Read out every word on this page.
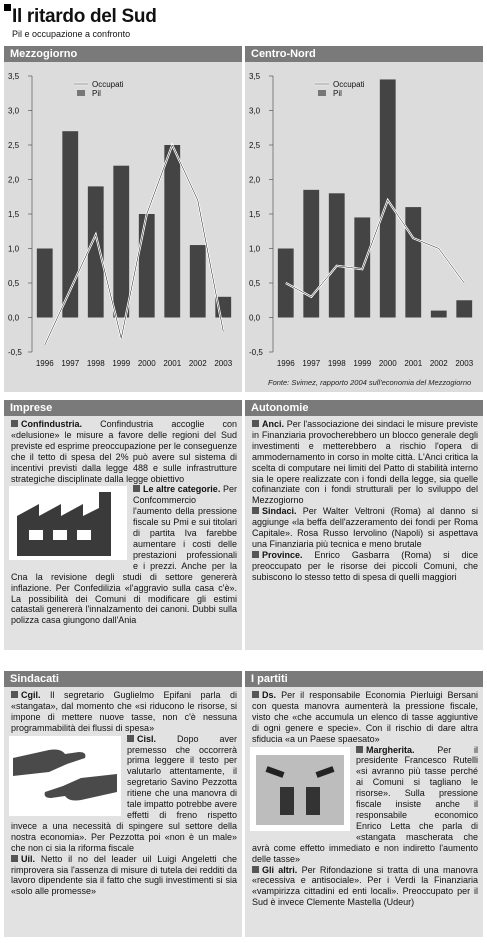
Il ritardo del Sud
Pil e occupazione a confronto
Mezzogiorno
3,5
3,0
2,5
2,0
1,5
1,0
0,5
0,0
-0,5
1996 1997 1998 1999 2000 2001 2002 2003
Occupati
Pil
Centro-Nord
3,5
3,0
2,5
2,0
1,5
1,0
0,5
0,0
-0,5
1996 1997 1998 1999 2000 2001 2002 2003
Occupati
Pil
Fonte: Svimez, rapporto 2004 sull'economia del Mezzogiorno
Imprese

Confindustria. Confindustria accoglie con «delusione» le misure a favore delle regioni del Sud previste ed esprime preoccupazione per le conseguenze che il tetto di spesa del 2% può avere sul sistema di incentivi previsti dalla legge 488 e sulle infrastrutture strategiche disciplinate dalla legge obiettivo

Le altre categorie. Per Confcommercio l'aumento della pressione fiscale su Pmi e sui titolari di partita Iva farebbe aumentare i costi delle prestazioni professionali e i prezzi. Anche per la Cna la revisione degli studi di settore genererà inflazione. Per Confedilizia «l'aggravio sulla casa c'è». La possibilità dei Comuni di modificare gli estimi catastali genererà l'innalzamento dei canoni. Dubbi sulla polizza casa giungono dall'Ania

Autonomie

Anci. Per l'associazione dei sindaci le misure previste in Finanziaria provocherebbero un blocco generale degli investimenti e metterebbero a rischio l'opera di ammodernamento in corso in molte città. L'Anci critica la scelta di computare nei limiti del Patto di stabilità interno sia le opere realizzate con i fondi della legge, sia quelle cofinanziate con i fondi strutturali per lo sviluppo del Mezzogiorno

Sindaci. Per Walter Veltroni (Roma) al danno si aggiunge «la beffa dell'azzeramento dei fondi per Roma Capitale». Rosa Russo Iervolino (Napoli) si aspettava una Finanziaria più tecnica e meno brutale

Province. Enrico Gasbarra (Roma) si dice preoccupato per le risorse dei piccoli Comuni, che subiscono lo stesso tetto di spesa di quelli maggiori

Sindacati

Cgil. Il segretario Guglielmo Epifani parla di «stangata», dal momento che «si riducono le risorse, si impone di mettere nuove tasse, non c'è nessuna programmabilità dei flussi di spesa»

Cisl. Dopo aver premesso che occorrerà prima leggere il testo per valutarlo attentamente, il segretario Savino Pezzotta ritiene che una manovra di tale impatto potrebbe avere effetti di freno rispetto invece a una necessità di spingere sul settore della nostra economia». Per Pezzotta poi «non è un male» che non ci sia la riforma fiscale

Uil. Netto il no del leader uil Luigi Angeletti che rimprovera sia l'assenza di misure di tutela dei redditi da lavoro dipendente sia il fatto che sugli investimenti si sia «solo alle promesse»

I partiti

Ds. Per il responsabile Economia Pierluigi Bersani con questa manovra aumenterà la pressione fiscale, visto che «che accumula un elenco di tasse aggiuntive di ogni genere e specie». Con il rischio di dare altra sfiducia «a un Paese spaesato»

Margherita.	Per il presidente Francesco Rutelli «si avranno più tasse perché ai Comuni si tagliano le risorse». Sulla pressione fiscale insiste anche il responsabile economico Enrico Letta che parla di «stangata mascherata che avrà come effetto immediato e non indiretto l'aumento delle tasse»

Gli altri. Per Rifondazione si tratta di una manovra «recessiva e antisociale». Per i Verdi la Finanziaria «vampirizza cittadini ed enti locali». Preoccupato per il Sud è invece Clemente Mastella (Udeur)
